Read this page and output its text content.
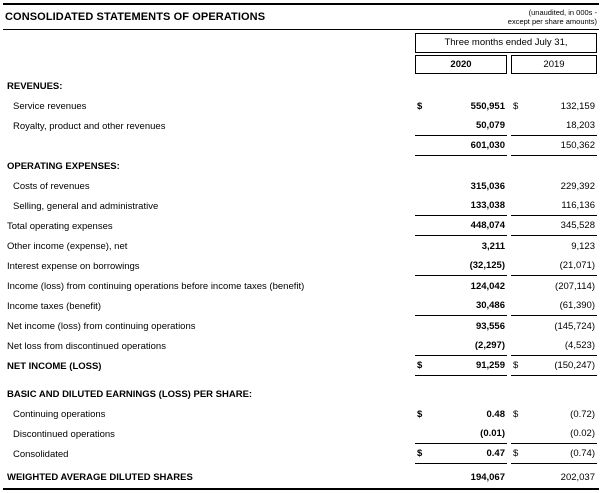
CONSOLIDATED STATEMENTS OF OPERATIONS	(unaudited, in 000s -
except per share amounts)
Three months ended July 31,
2020	2019
REVENUES:
Service revenues	$	550,951 $	132,159
Royalty, product and other revenues	50,079	18,203
601,030	150,362
OPERATING EXPENSES:
Costs of revenues	315,036	229,392
Selling, general and administrative	133,038	116,136
Total operating expenses	448,074	345,528
Other income (expense), net	3,211	9,123
Interest expense on borrowings	(32,125)	(21,071)
Income (loss) from continuing operations before income taxes (benefit)	124,042	(207,114)
Income taxes (benefit)	30,486	(61,390)
Net income (loss) from continuing operations	93,556	(145,724)
Net loss from discontinued operations	(2,297)	(4,523)
NET INCOME (LOSS)	$	91,259 $	(150,247)
BASIC AND DILUTED EARNINGS (LOSS) PER SHARE:
Continuing operations	$	0.48 $	(0.72)
Discontinued operations	(0.01)	(0.02)
Consolidated	$	0.47 $	(0.74)
WEIGHTED AVERAGE DILUTED SHARES	194,067	202,037
